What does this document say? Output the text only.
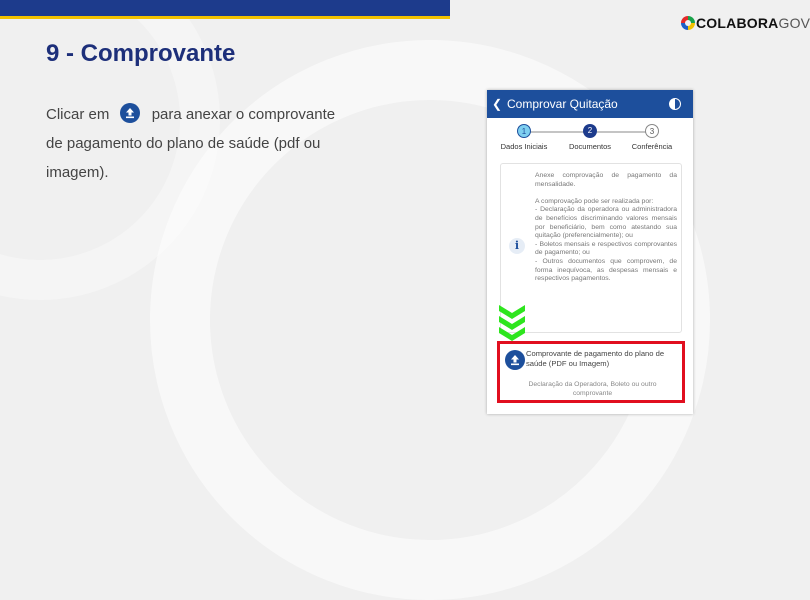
COLABORA GOV
9 - Comprovante
Clicar em	para anexar o comprovante de pagamento do plano de saúde (pdf ou imagem).
❮ Comprovar Quitação
1
Dados Iniciais
2
Documentos
3
Conferência
i

Anexe comprovação de pagamento da mensalidade.

A comprovação pode ser realizada por:

- Declaração da operadora ou administradora de benefícios discriminando valores mensais por beneficiário, bem como atestando sua quitação (preferencialmente); ou

- Boletos mensais e respectivos comprovantes de pagamento; ou

- Outros documentos que comprovem, de forma inequívoca, as despesas mensais e respectivos pagamentos.

Comprovante de pagamento do plano de saúde (PDF ou Imagem)
Declaração da Operadora, Boleto ou outro comprovante
